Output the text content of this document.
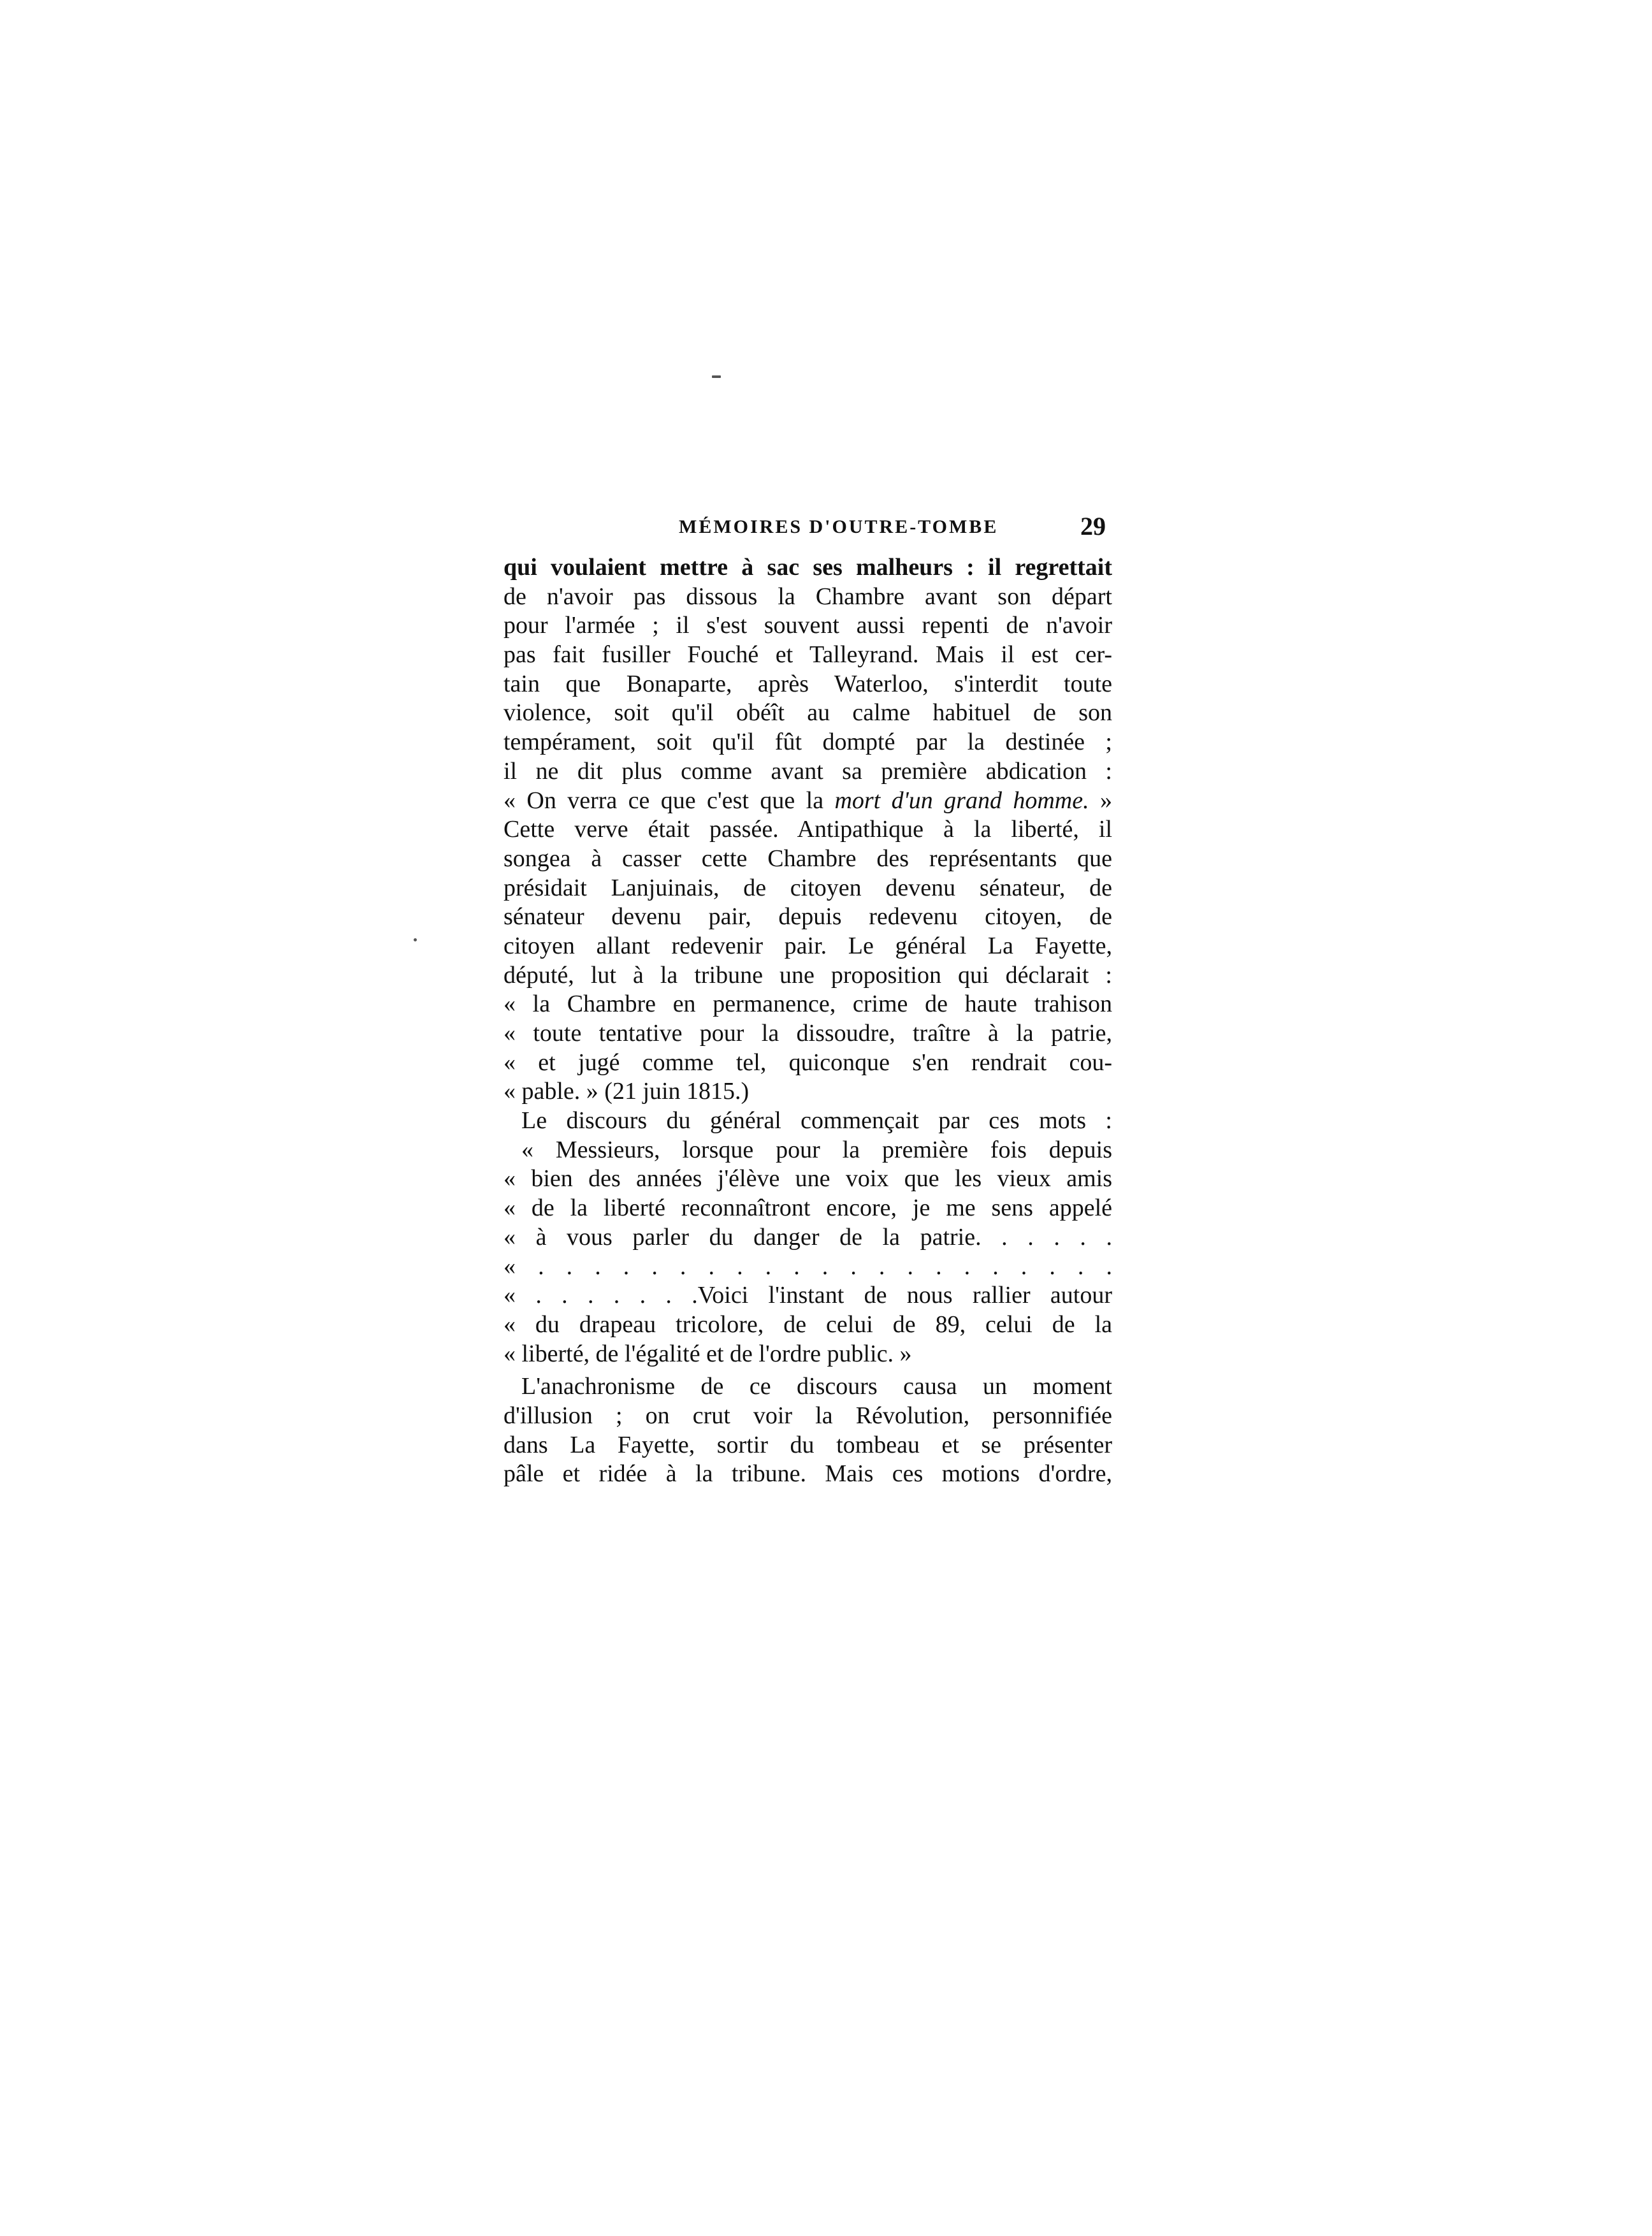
MÉMOIRES D'OUTRE-TOMBE	29
qui voulaient mettre à sac ses malheurs : il regrettait
de n'avoir pas dissous la Chambre avant son départ
pour l'armée ; il s'est souvent aussi repenti de n'avoir
pas fait fusiller Fouché et Talleyrand. Mais il est cer-
tain que Bonaparte, après Waterloo, s'interdit toute
violence, soit qu'il obéît au calme habituel de son
tempérament, soit qu'il fût dompté par la destinée ;
il ne dit plus comme avant sa première abdication :
« On verra ce que c'est que la mort d'un grand homme. »
Cette verve était passée. Antipathique à la liberté, il
songea à casser cette Chambre des représentants que
présidait Lanjuinais, de citoyen devenu sénateur, de
sénateur devenu pair, depuis redevenu citoyen, de
citoyen allant redevenir pair. Le général La Fayette,
député, lut à la tribune une proposition qui déclarait :
« la Chambre en permanence, crime de haute trahison
« toute tentative pour la dissoudre, traître à la patrie,
« et jugé comme tel, quiconque s'en rendrait cou-
« pable. » (21 juin 1815.)
Le discours du général commençait par ces mots :
« Messieurs, lorsque pour la première fois depuis
« bien des années j'élève une voix que les vieux amis
« de la liberté reconnaîtront encore, je me sens appelé
« à vous parler du danger de la patrie. . . . . .
« . . . . . . . . . . . . . . . . . . . . .
« . . . . . . .Voici l'instant de nous rallier autour
« du drapeau tricolore, de celui de 89, celui de la
« liberté, de l'égalité et de l'ordre public. »
L'anachronisme de ce discours causa un moment
d'illusion ; on crut voir la Révolution, personnifiée
dans La Fayette, sortir du tombeau et se présenter
pâle et ridée à la tribune. Mais ces motions d'ordre,
